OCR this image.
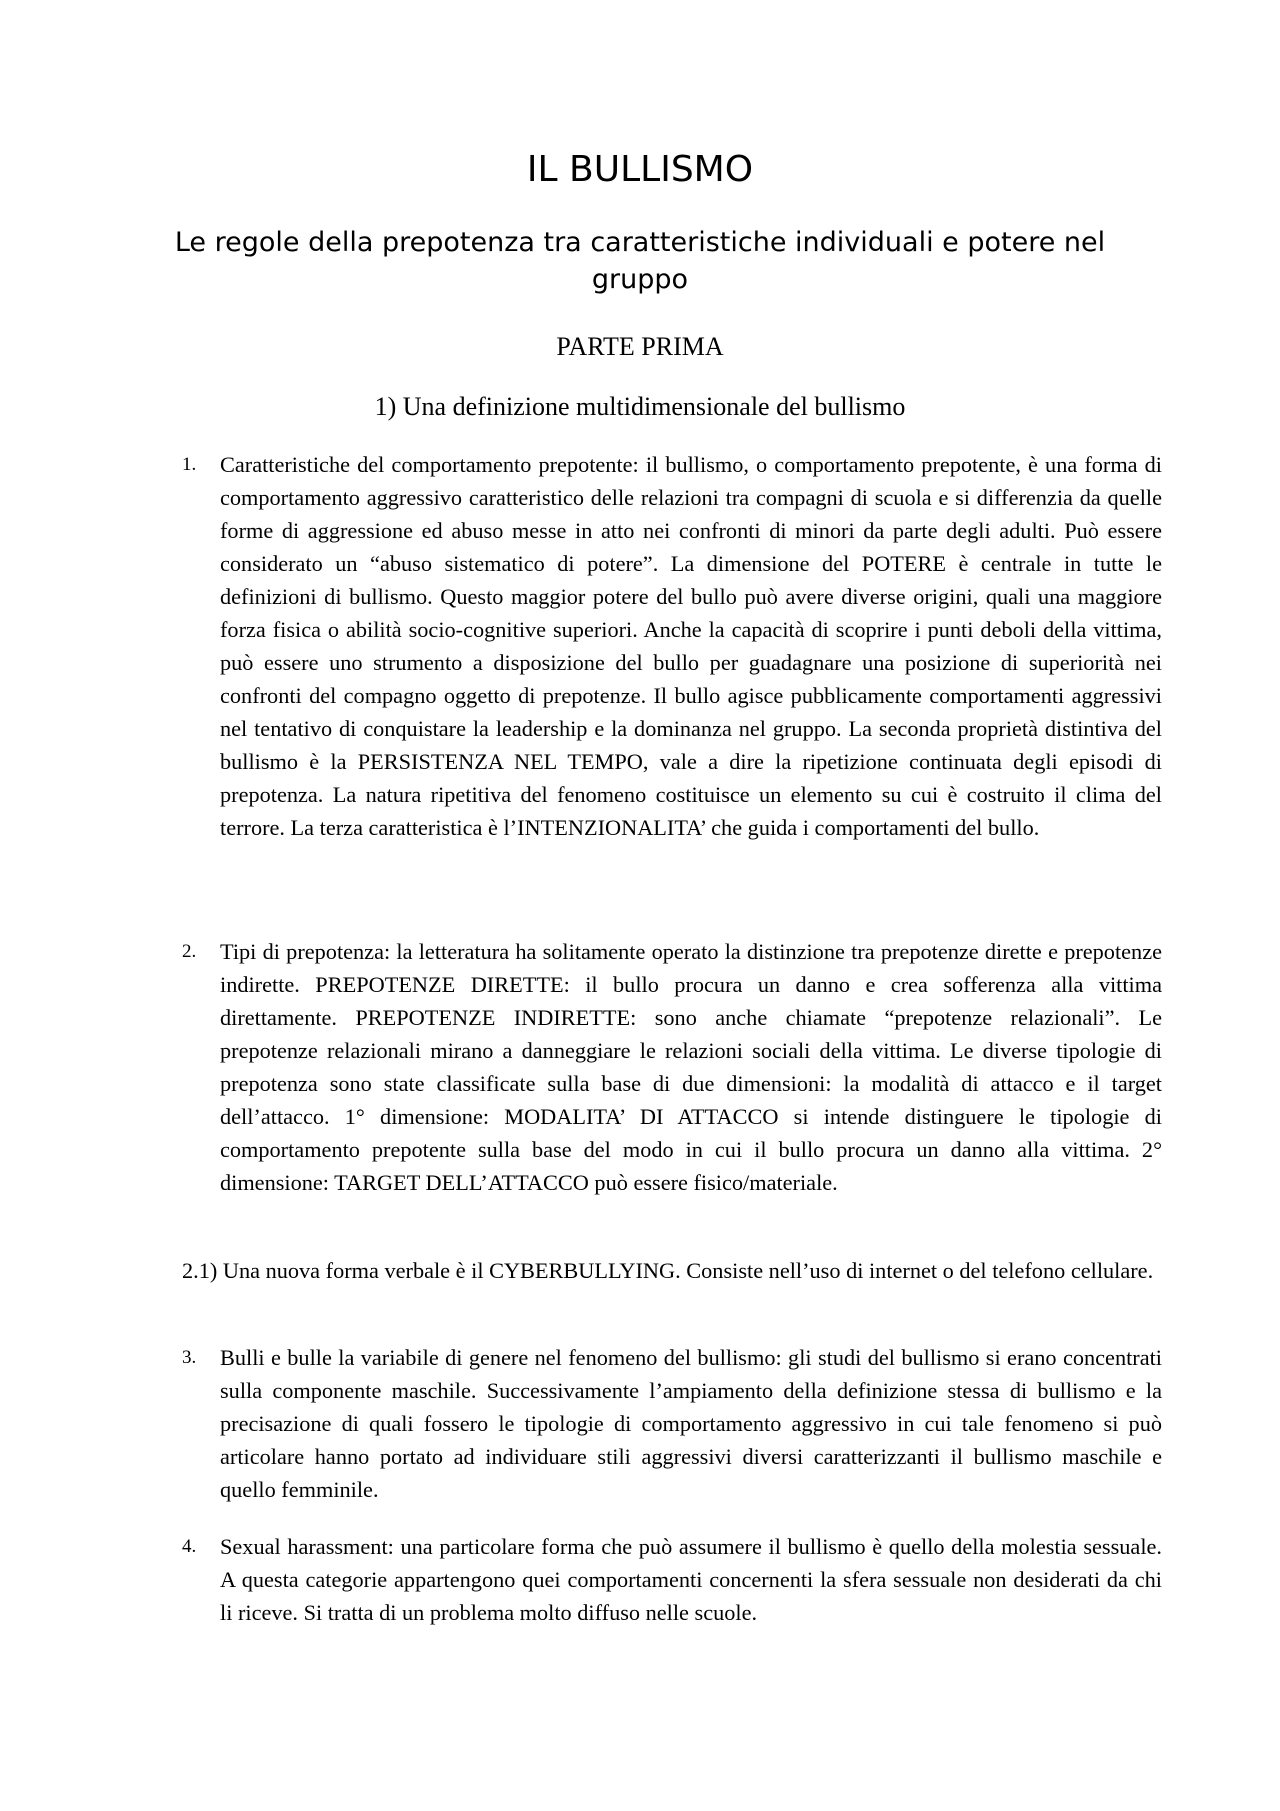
IL BULLISMO
Le regole della prepotenza tra caratteristiche individuali e potere nel gruppo
PARTE PRIMA
1) Una definizione multidimensionale del bullismo
1.	Caratteristiche del comportamento prepotente: il bullismo, o comportamento prepotente, è una forma di comportamento aggressivo caratteristico delle relazioni tra compagni di scuola e si differenzia da quelle forme di aggressione ed abuso messe in atto nei confronti di minori da parte degli adulti. Può essere considerato un “abuso sistematico di potere”. La dimensione del POTERE è centrale in tutte le definizioni di bullismo. Questo maggior potere del bullo può avere diverse origini, quali una maggiore forza fisica o abilità socio-cognitive superiori. Anche la capacità di scoprire i punti deboli della vittima, può essere uno strumento a disposizione del bullo per guadagnare una posizione di superiorità nei confronti del compagno oggetto di prepotenze. Il bullo agisce pubblicamente comportamenti aggressivi nel tentativo di conquistare la leadership e la dominanza nel gruppo. La seconda proprietà distintiva del bullismo è la PERSISTENZA NEL TEMPO, vale a dire la ripetizione continuata degli episodi di prepotenza. La natura ripetitiva del fenomeno costituisce un elemento su cui è costruito il clima del terrore. La terza caratteristica è l’INTENZIONALITA’ che guida i comportamenti del bullo.

2.	Tipi di prepotenza: la letteratura ha solitamente operato la distinzione tra prepotenze dirette e prepotenze indirette. PREPOTENZE DIRETTE: il bullo procura un danno e crea sofferenza alla vittima direttamente. PREPOTENZE INDIRETTE: sono anche chiamate “prepotenze relazionali”. Le prepotenze relazionali mirano a danneggiare le relazioni sociali della vittima. Le diverse tipologie di prepotenza sono state classificate sulla base di due dimensioni: la modalità di attacco e il target dell’attacco. 1° dimensione: MODALITA’ DI ATTACCO si intende distinguere le tipologie di comportamento prepotente sulla base del modo in cui il bullo procura un danno alla vittima. 2° dimensione: TARGET DELL’ATTACCO può essere fisico/materiale.

2.1) Una nuova forma verbale è il CYBERBULLYING. Consiste nell’uso di internet o del telefono cellulare.

3.	Bulli e bulle la variabile di genere nel fenomeno del bullismo: gli studi del bullismo si erano concentrati sulla componente maschile. Successivamente l’ampiamento della definizione stessa di bullismo e la precisazione di quali fossero le tipologie di comportamento aggressivo in cui tale fenomeno si può articolare hanno portato ad individuare stili aggressivi diversi caratterizzanti il bullismo maschile e quello femminile.

4.	Sexual harassment: una particolare forma che può assumere il bullismo è quello della molestia sessuale. A questa categorie appartengono quei comportamenti concernenti la sfera sessuale non desiderati da chi li riceve. Si tratta di un problema molto diffuso nelle scuole.
